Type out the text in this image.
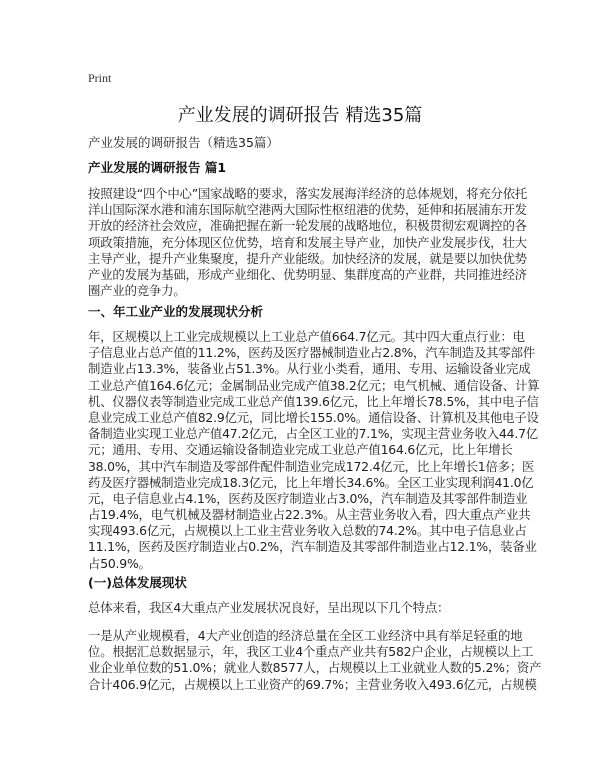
Print
产业发展的调研报告 精选35篇
产业发展的调研报告（精选35篇）
产业发展的调研报告 篇1
按照建设“四个中心”国家战略的要求，落实发展海洋经济的总体规划，将充分依托
洋山国际深水港和浦东国际航空港两大国际性枢纽港的优势，延伸和拓展浦东开发
开放的经济社会效应，准确把握在新一轮发展的战略地位，积极贯彻宏观调控的各
项政策措施，充分体现区位优势，培育和发展主导产业，加快产业发展步伐，壮大
主导产业，提升产业集聚度，提升产业能级。加快经济的发展，就是要以加快优势
产业的发展为基础，形成产业细化、优势明显、集群度高的产业群，共同推进经济
圈产业的竞争力。
一、年工业产业的发展现状分析
年，区规模以上工业完成规模以上工业总产值664.7亿元。其中四大重点行业：电
子信息业占总产值的11.2%，医药及医疗器械制造业占2.8%，汽车制造及其零部件
制造业占13.3%，装备业占51.3%。从行业小类看，通用、专用、运输设备业完成
工业总产值164.6亿元；金属制品业完成产值38.2亿元；电气机械、通信设备、计算
机、仪器仪表等制造业完成工业总产值139.6亿元，比上年增长78.5%，其中电子信
息业完成工业总产值82.9亿元，同比增长155.0%。通信设备、计算机及其他电子设
备制造业实现工业总产值47.2亿元，占全区工业的7.1%，实现主营业务收入44.7亿
元；通用、专用、交通运输设备制造业完成工业总产值164.6亿元，比上年增长
38.0%，其中汽车制造及零部件配件制造业完成172.4亿元，比上年增长1倍多；医
药及医疗器械制造业完成18.3亿元，比上年增长34.6%。全区工业实现利润41.0亿
元，电子信息业占4.1%，医药及医疗制造业占3.0%，汽车制造及其零部件制造业
占19.4%，电气机械及器材制造业占22.3%。从主营业务收入看，四大重点产业共
实现493.6亿元，占规模以上工业主营业务收入总数的74.2%。其中电子信息业占
11.1%，医药及医疗制造业占0.2%，汽车制造及其零部件制造业占12.1%，装备业
占50.9%。
(一)总体发展现状
总体来看，我区4大重点产业发展状况良好，呈出现以下几个特点：
一是从产业规模看，4大产业创造的经济总量在全区工业经济中具有举足轻重的地
位。根据汇总数据显示，年，我区工业4个重点产业共有582户企业，占规模以上工
业企业单位数的51.0%；就业人数8577人，占规模以上工业就业人数的5.2%；资产
合计406.9亿元，占规模以上工业资产的69.7%；主营业务收入493.6亿元，占规模
